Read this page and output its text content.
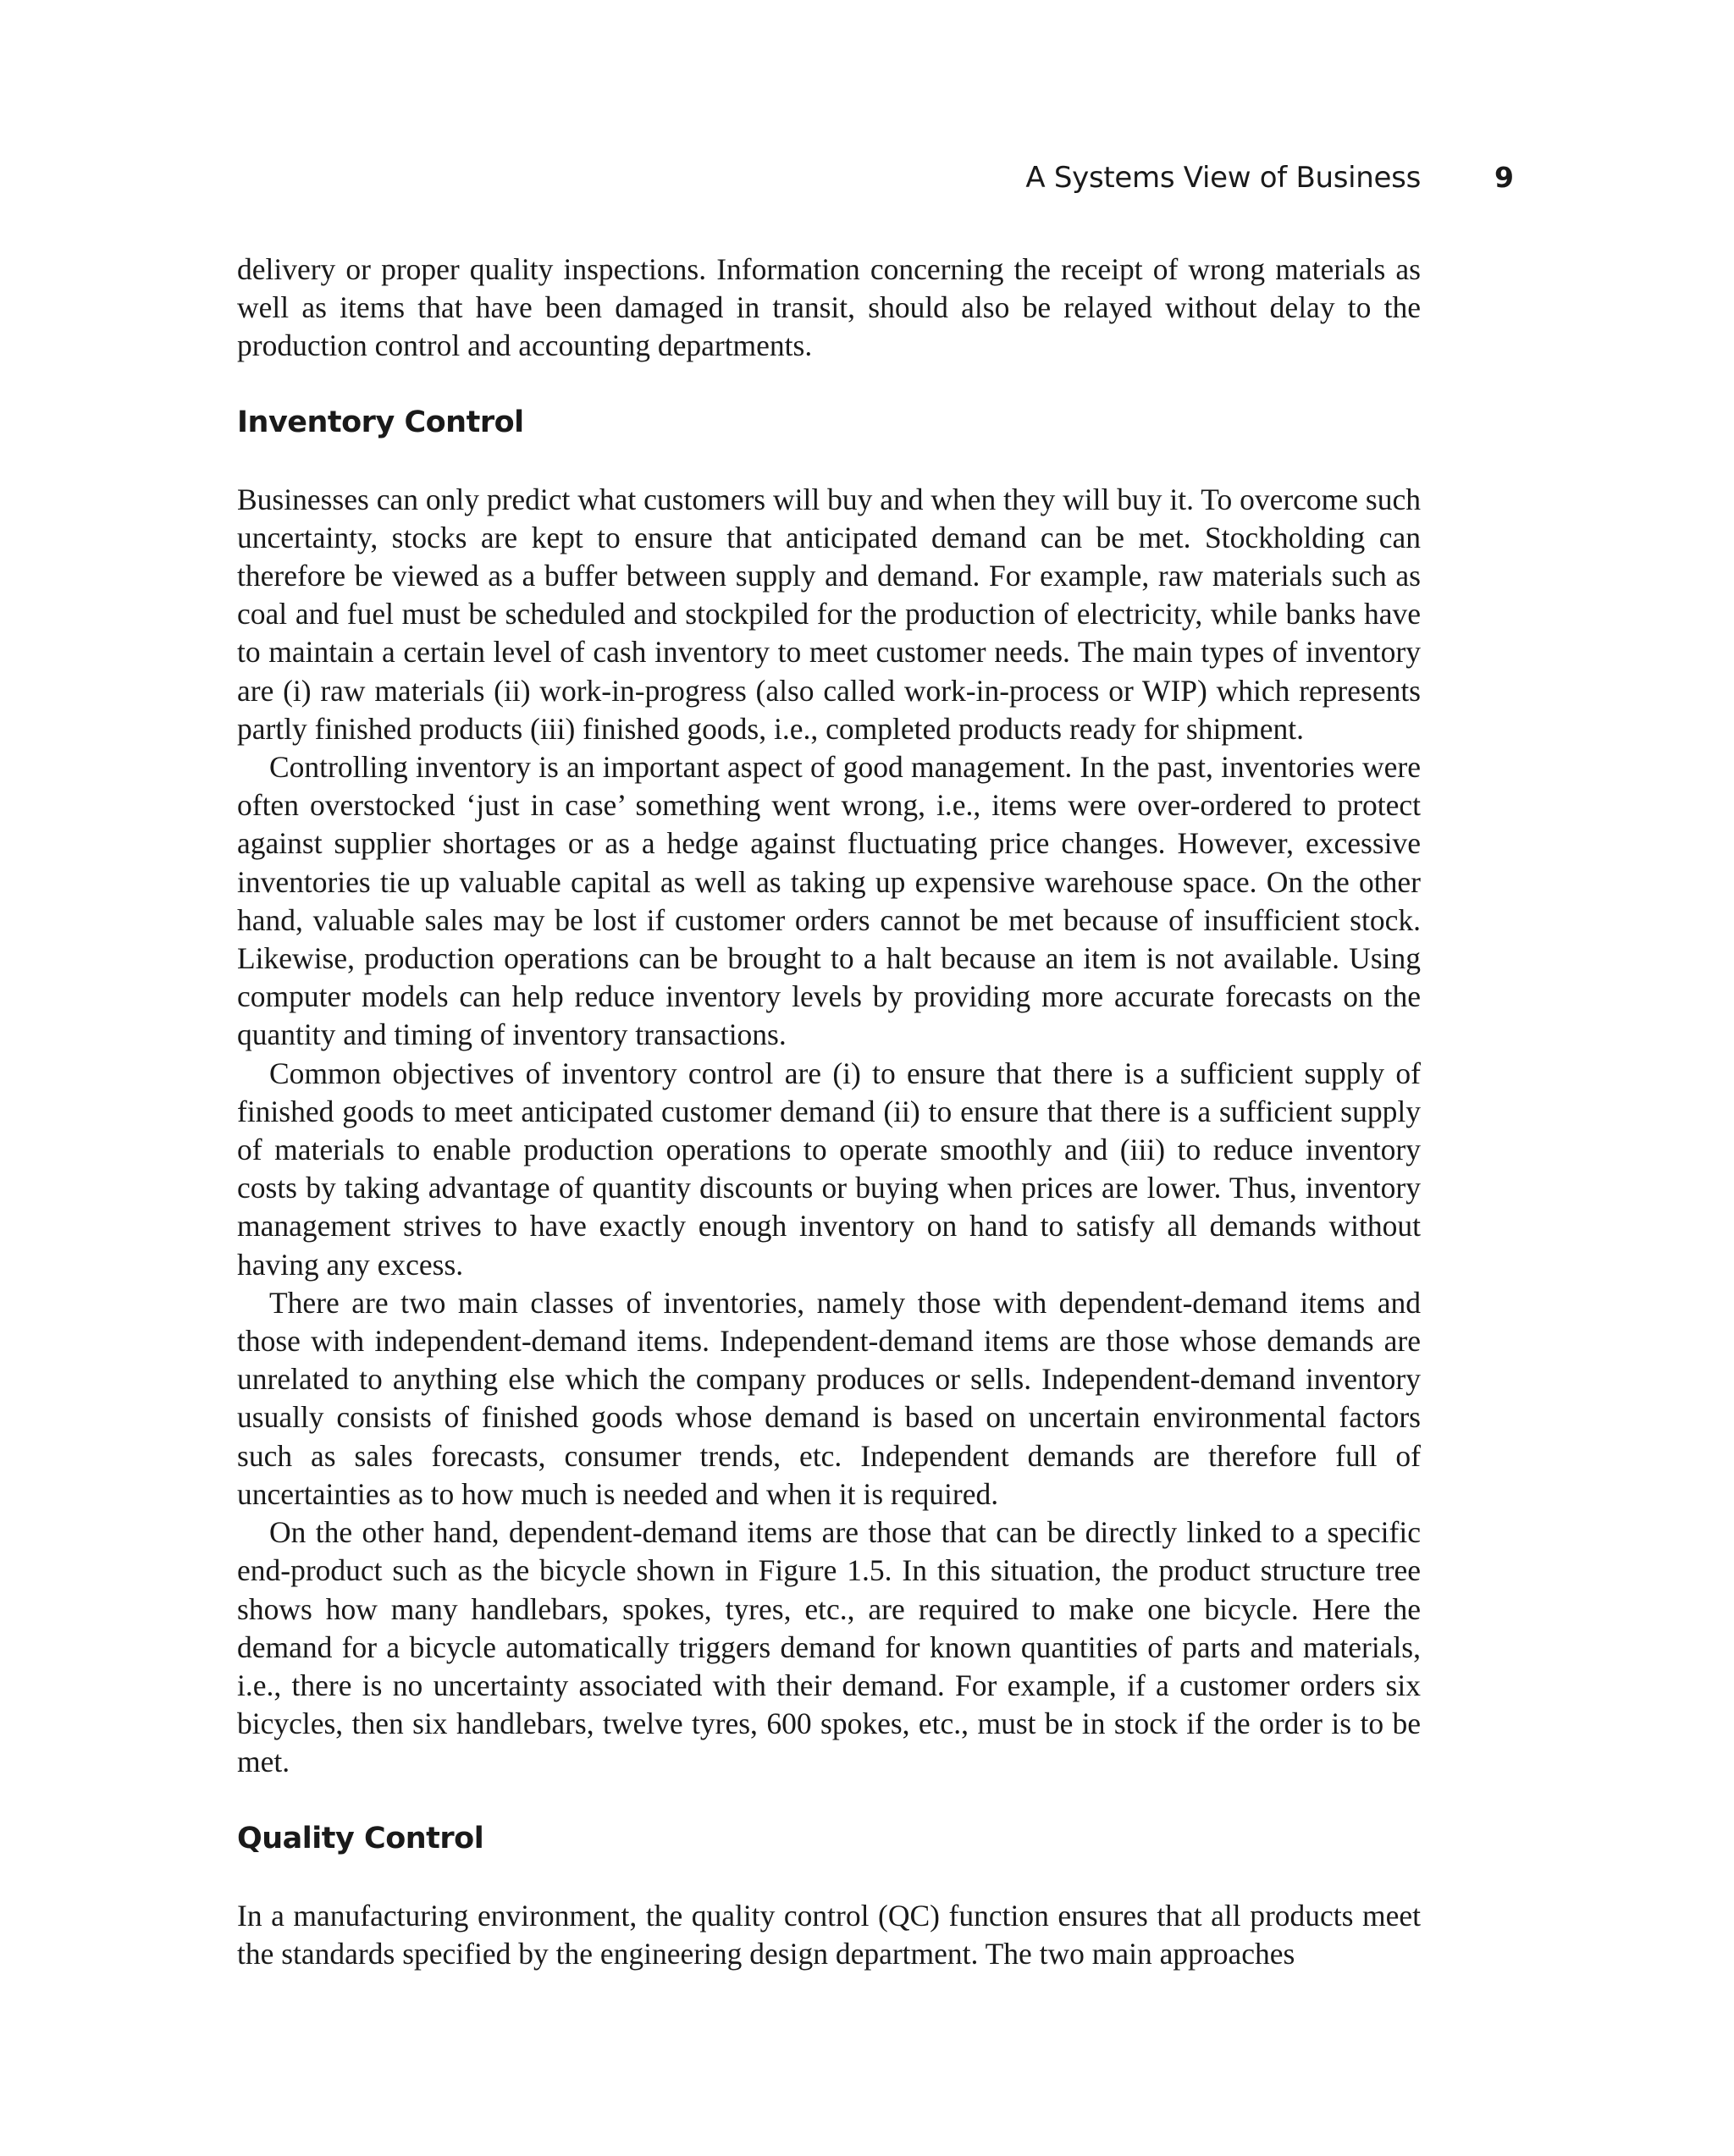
A Systems View of Business	9

delivery or proper quality inspections. Information concerning the receipt of wrong materials as well as items that have been damaged in transit, should also be relayed without delay to the production control and accounting departments.

Inventory Control

Businesses can only predict what customers will buy and when they will buy it. To overcome such uncertainty, stocks are kept to ensure that anticipated demand can be met. Stockholding can therefore be viewed as a buffer between supply and demand. For example, raw materials such as coal and fuel must be scheduled and stockpiled for the production of electricity, while banks have to maintain a certain level of cash inventory to meet customer needs. The main types of inventory are (i) raw materials (ii) work-in-progress (also called work-in-process or WIP) which represents partly finished products (iii) finished goods, i.e., completed products ready for shipment.

Controlling inventory is an important aspect of good management. In the past, inventories were often overstocked ‘just in case’ something went wrong, i.e., items were over-ordered to protect against supplier shortages or as a hedge against fluctuating price changes. However, excessive inventories tie up valuable capital as well as taking up expensive warehouse space. On the other hand, valuable sales may be lost if customer orders cannot be met because of insufficient stock. Likewise, production operations can be brought to a halt because an item is not available. Using computer models can help reduce inventory levels by providing more accurate forecasts on the quantity and timing of inventory transactions.

Common objectives of inventory control are (i) to ensure that there is a sufficient supply of finished goods to meet anticipated customer demand (ii) to ensure that there is a sufficient supply of materials to enable production operations to operate smoothly and (iii) to reduce inventory costs by taking advantage of quantity discounts or buying when prices are lower. Thus, inventory management strives to have exactly enough inventory on hand to satisfy all demands without having any excess.

There are two main classes of inventories, namely those with dependent-demand items and those with independent-demand items. Independent-demand items are those whose demands are unrelated to anything else which the company produces or sells. Independent-demand inventory usually consists of finished goods whose demand is based on uncertain environmental factors such as sales forecasts, consumer trends, etc. Independent demands are therefore full of uncertainties as to how much is needed and when it is required.

On the other hand, dependent-demand items are those that can be directly linked to a specific end-product such as the bicycle shown in Figure 1.5. In this situation, the product structure tree shows how many handlebars, spokes, tyres, etc., are required to make one bicycle. Here the demand for a bicycle automatically triggers demand for known quantities of parts and materials, i.e., there is no uncertainty associated with their demand. For example, if a customer orders six bicycles, then six handlebars, twelve tyres, 600 spokes, etc., must be in stock if the order is to be met.

Quality Control

In a manufacturing environment, the quality control (QC) function ensures that all products meet the standards specified by the engineering design department. The two main approaches
